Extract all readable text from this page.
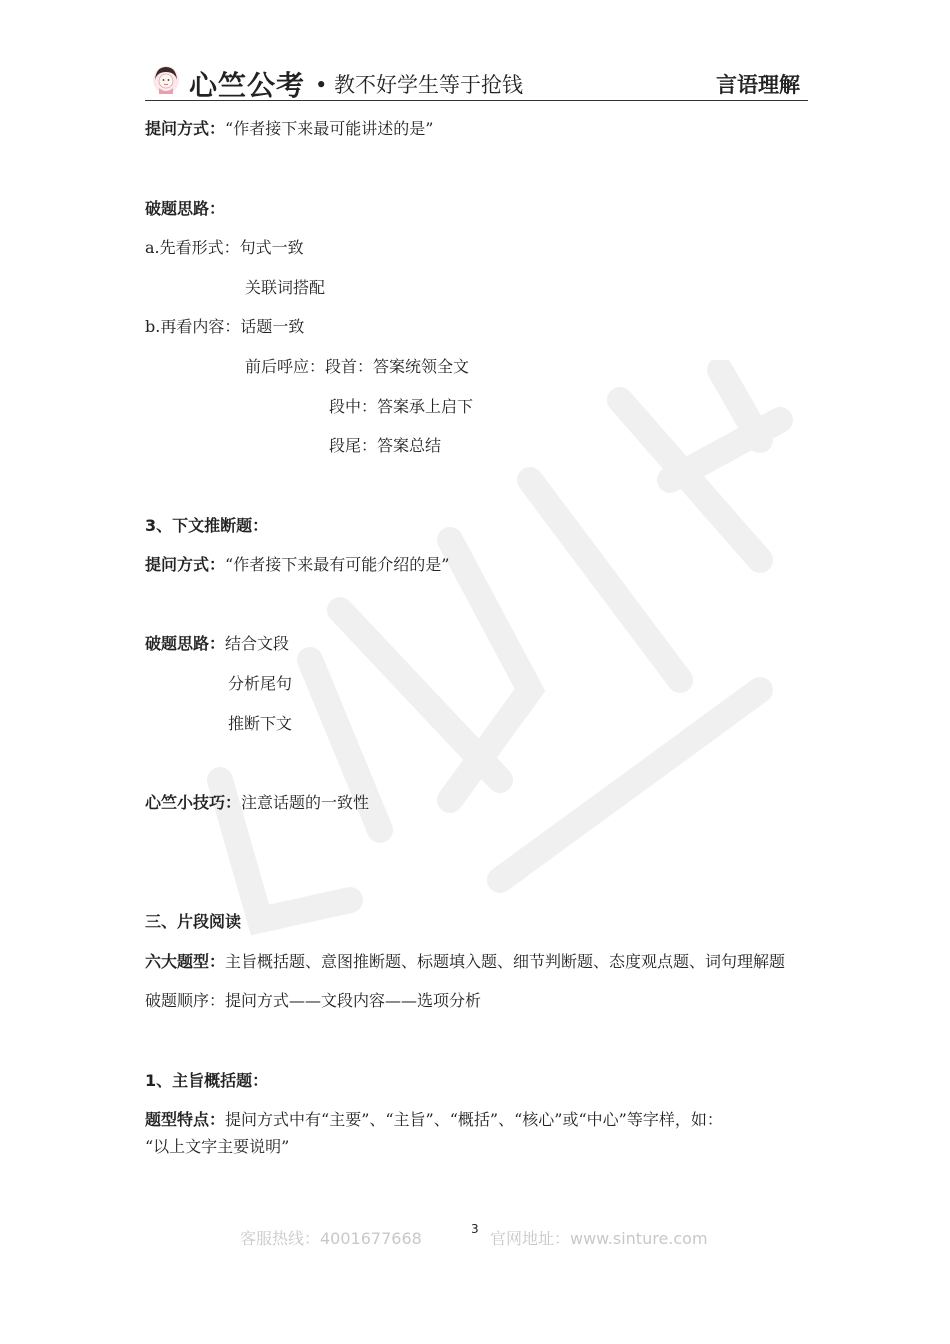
心竺公考 • 教不好学生等于抢钱	言语理解
提问方式：“作者接下来最可能讲述的是”
破题思路：
a.先看形式：句式一致
关联词搭配
b.再看内容：话题一致
前后呼应：段首：答案统领全文
段中：答案承上启下
段尾：答案总结
3、下文推断题：
提问方式：“作者接下来最有可能介绍的是”
破题思路：结合文段
分析尾句
推断下文
心竺小技巧：注意话题的一致性
三、片段阅读
六大题型：主旨概括题、意图推断题、标题填入题、细节判断题、态度观点题、词句理解题
破题顺序：提问方式——文段内容——选项分析
1、主旨概括题：
题型特点：提问方式中有“主要”、“主旨”、“概括”、“核心”或“中心”等字样，如：
“以上文字主要说明”
客服热线：4001677668	3 官网地址：www.sinture.com
